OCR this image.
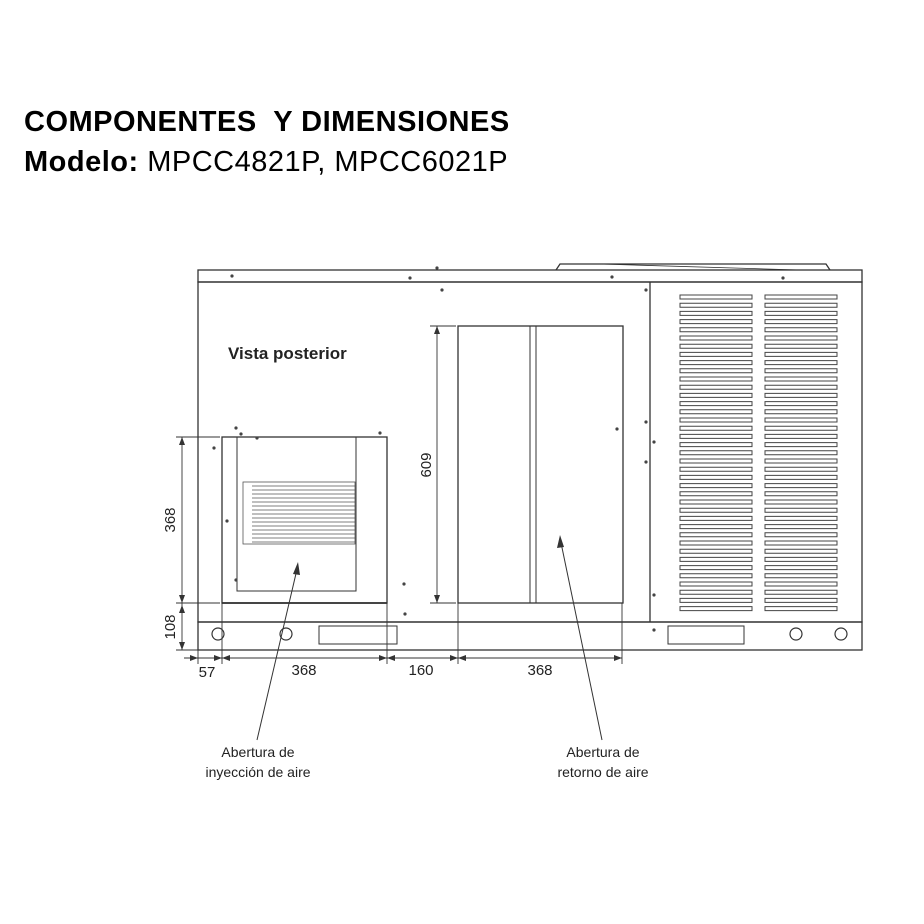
COMPONENTES  Y DIMENSIONES
Modelo: MPCC4821P, MPCC6021P
Vista posterior
368
108
609
57	368	160	368
Abertura de
inyección de aire
Abertura de
retorno de aire
